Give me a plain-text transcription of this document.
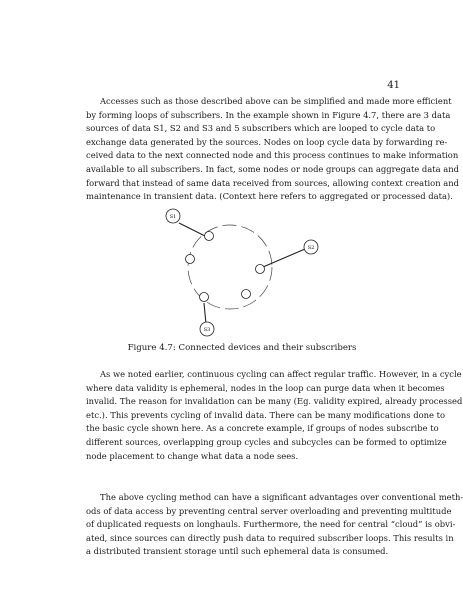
41

Accesses such as those described above can be simplified and made more efficient
by forming loops of subscribers. In the example shown in Figure 4.7, there are 3 data
sources of data S1, S2 and S3 and 5 subscribers which are looped to cycle data to
exchange data generated by the sources. Nodes on loop cycle data by forwarding re-
ceived data to the next connected node and this process continues to make information
available to all subscribers. In fact, some nodes or node groups can aggregate data and
forward that instead of same data received from sources, allowing context creation and
maintenance in transient data. (Context here refers to aggregated or processed data).

S1
S2
S3
Figure 4.7: Connected devices and their subscribers

As we noted earlier, continuous cycling can affect regular traffic. However, in a cycle
where data validity is ephemeral, nodes in the loop can purge data when it becomes
invalid. The reason for invalidation can be many (Eg. validity expired, already processed
etc.). This prevents cycling of invalid data. There can be many modifications done to
the basic cycle shown here. As a concrete example, if groups of nodes subscribe to
different sources, overlapping group cycles and subcycles can be formed to optimize
node placement to change what data a node sees.

The above cycling method can have a significant advantages over conventional meth-
ods of data access by preventing central server overloading and preventing multitude
of duplicated requests on longhauls. Furthermore, the need for central “cloud” is obvi-
ated, since sources can directly push data to required subscriber loops. This results in
a distributed transient storage until such ephemeral data is consumed.
